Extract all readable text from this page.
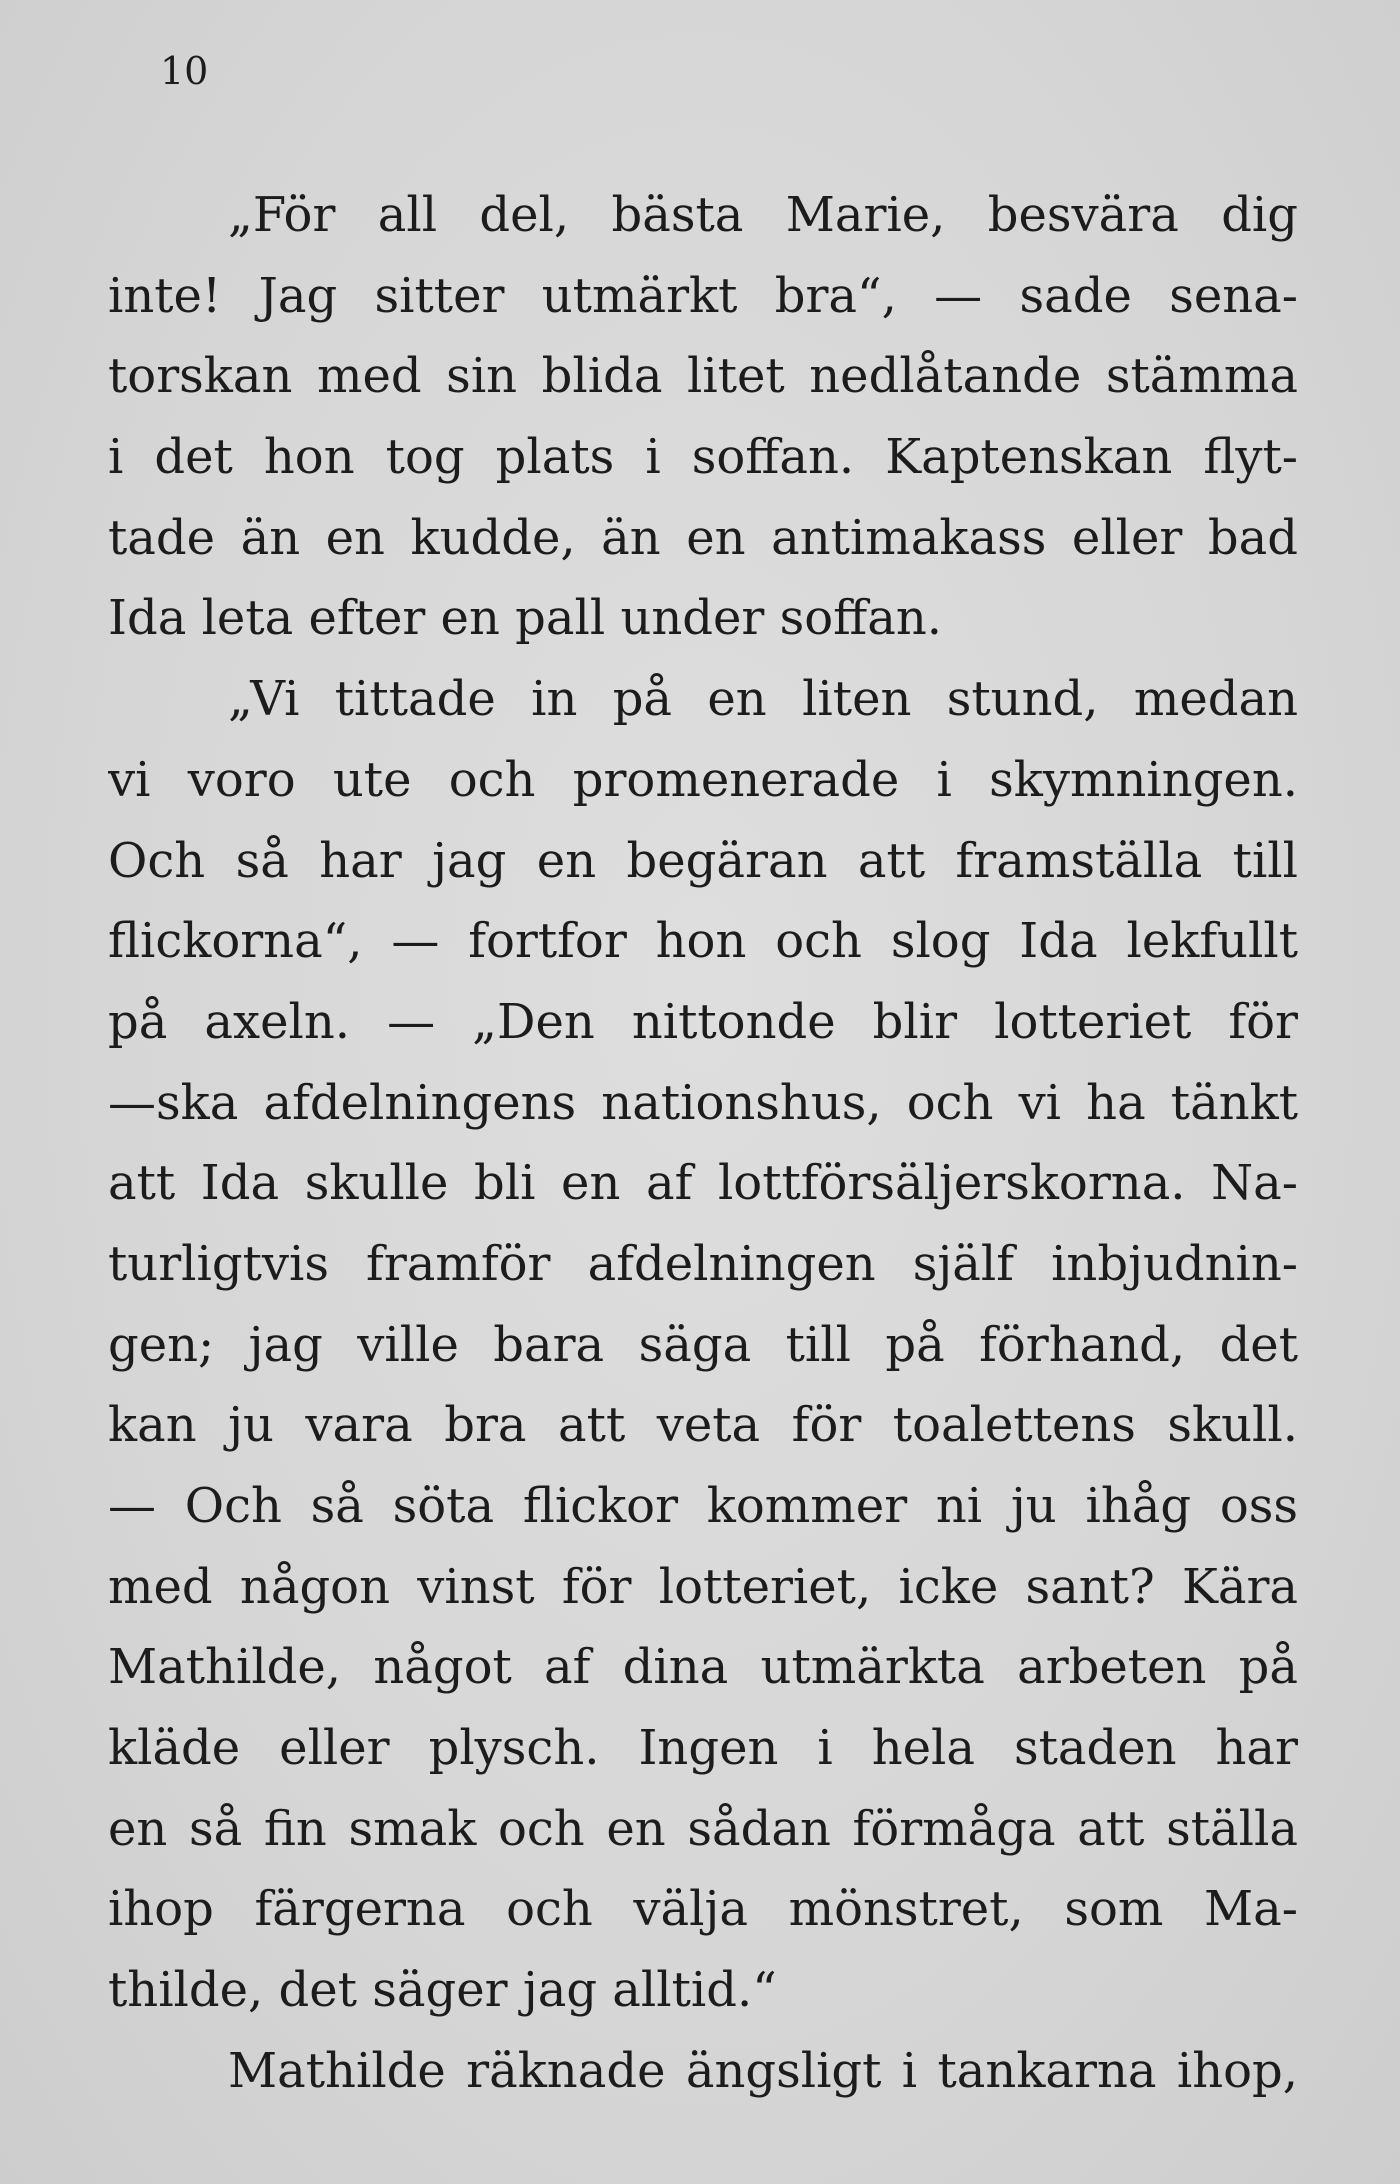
10

„För all del, bästa Marie, besvära dig
inte! Jag sitter utmärkt bra“, — sade sena-
torskan med sin blida litet nedlåtande stämma
i det hon tog plats i soffan. Kaptenskan flyt-
tade än en kudde, än en antimakass eller bad
Ida leta efter en pall under soffan.
„Vi tittade in på en liten stund, medan
vi voro ute och promenerade i skymningen.
Och så har jag en begäran att framställa till
flickorna“, — fortfor hon och slog Ida lekfullt
på axeln. — „Den nittonde blir lotteriet för
—ska afdelningens nationshus, och vi ha tänkt
att Ida skulle bli en af lottförsäljerskorna. Na-
turligtvis framför afdelningen själf inbjudnin-
gen; jag ville bara säga till på förhand, det
kan ju vara bra att veta för toalettens skull.
— Och så söta flickor kommer ni ju ihåg oss
med någon vinst för lotteriet, icke sant? Kära
Mathilde, något af dina utmärkta arbeten på
kläde eller plysch. Ingen i hela staden har
en så fin smak och en sådan förmåga att ställa
ihop färgerna och välja mönstret, som Ma-
thilde, det säger jag alltid.“
Mathilde räknade ängsligt i tankarna ihop,
